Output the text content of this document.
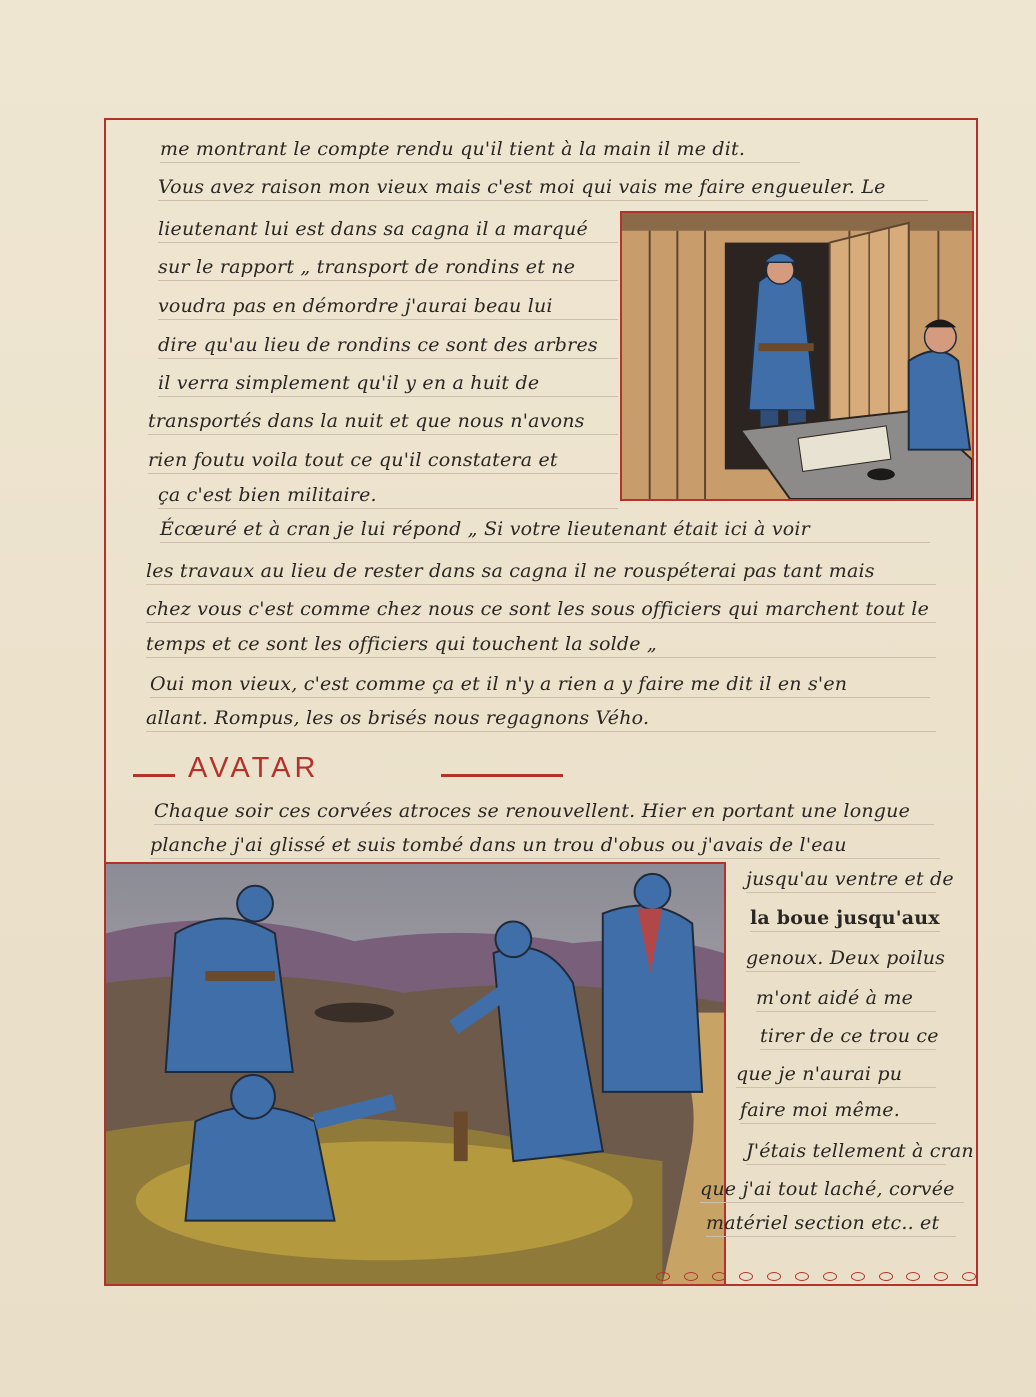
me montrant le compte rendu qu'il tient à la main il me dit.
Vous avez raison mon vieux mais c'est moi qui vais me faire engueuler. Le
lieutenant lui est dans sa cagna il a marqué
sur le rapport „ transport de rondins et ne
voudra pas en démordre j'aurai beau lui
dire qu'au lieu de rondins ce sont des arbres
il verra simplement qu'il y en a huit de
transportés dans la nuit et que nous n'avons
rien foutu voila tout ce qu'il constatera et
ça c'est bien militaire.
Écœuré et à cran je lui répond „ Si votre lieutenant était ici à voir
les travaux au lieu de rester dans sa cagna il ne rouspéterai pas tant mais
chez vous c'est comme chez nous ce sont les sous officiers qui marchent tout le
temps et ce sont les officiers qui touchent la solde „
Oui mon vieux, c'est comme ça et il n'y a rien a y faire me dit il en s'en
allant. Rompus, les os brisés nous regagnons Vého.
AVATAR
Chaque soir ces corvées atroces se renouvellent. Hier en portant une longue
planche j'ai glissé et suis tombé dans un trou d'obus ou j'avais de l'eau
jusqu'au ventre et de
la boue jusqu'aux
genoux. Deux poilus
m'ont aidé à me
tirer de ce trou ce
que je n'aurai pu
faire moi même.
J'étais tellement à cran
que j'ai tout laché, corvée
matériel section etc.. et
